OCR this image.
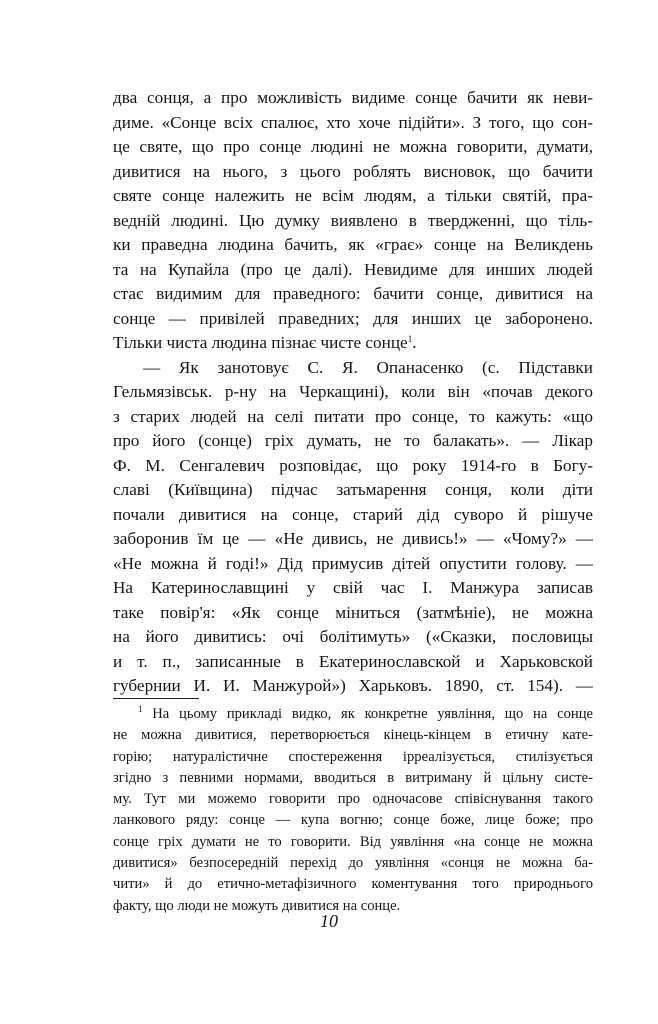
два сонця, а про можливість видиме сонце бачити як неви-
диме. «Сонце всіх спалює, хто хоче підійти». З того, що сон-
це святе, що про сонце людині не можна говорити, думати,
дивитися на нього, з цього роблять висновок, що бачити
святе сонце належить не всім людям, а тільки святій, пра-
ведній людині. Цю думку виявлено в твердженні, що тіль-
ки праведна людина бачить, як «грає» сонце на Великдень
та на Купайла (про це далі). Невидиме для инших людей
стає видимим для праведного: бачити сонце, дивитися на
сонце — привілей праведних; для инших це заборонено.
Тільки чиста людина пізнає чисте сонце$^1$.
— Як занотовує С. Я. Опанасенко (с. Підставки
Гельмязівськ. р-ну на Черкащині), коли він «почав декого
з старих людей на селі питати про сонце, то кажуть: «що
про його (сонце) гріх думать, не то балакать». — Лікар
Ф. М. Сенгалевич розповідає, що року 1914-го в Богу-
славі (Київщина) підчас затьмарення сонця, коли діти
почали дивитися на сонце, старий дід суворо й рішуче
заборонив їм це — «Не дивись, не дивись!» — «Чому?» —
«Не можна й годі!» Дід примусив дітей опустити голову. —
На Катеринославщині у свій час І. Манжура записав
таке повір'я: «Як сонце міниться (затмѣніе), не можна
на його дивитись: очі болітимуть» («Сказки, пословицы
и т. п., записанные в Екатеринославской и Харьковской
губернии И. И. Манжурой») Харьковъ. 1890, ст. 154). —
$^1$ На цьому прикладі видко, як конкретне уявління, що на сонце
не можна дивитися, перетворюється кінець-кінцем в етичну кате-
горію; натуралістичне спостереження ірреалізується, стилізується
згідно з певними нормами, вводиться в витриману й цільну систе-
му. Тут ми можемо говорити про одночасове співіснування такого
ланкового ряду: сонце — купа вогню; сонце боже, лице боже; про
сонце гріх думати не то говорити. Від уявління «на сонце не можна
дивитися» безпосередній перехід до уявління «сонця не можна ба-
чити» й до етично-метафізичного коментування того природнього
факту, що люди не можуть дивитися на сонце.
10
